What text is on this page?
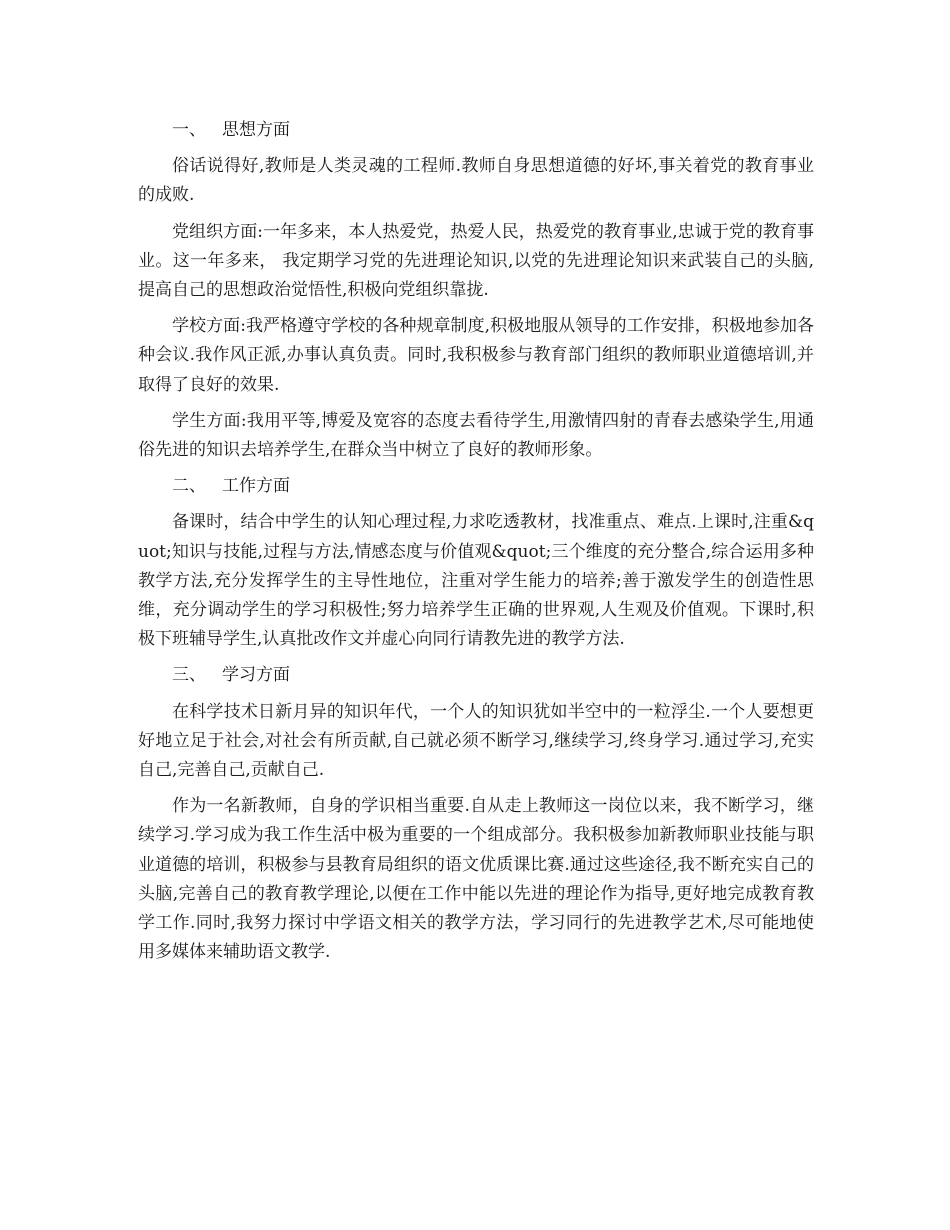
一、 思想方面

俗话说得好,教师是人类灵魂的工程师.教师自身思想道德的好坏,事关着党的教育事业的成败.

党组织方面:一年多来，本人热爱党，热爱人民，热爱党的教育事业,忠诚于党的教育事业。这一年多来， 我定期学习党的先进理论知识,以党的先进理论知识来武装自己的头脑,提高自己的思想政治觉悟性,积极向党组织靠拢.

学校方面:我严格遵守学校的各种规章制度,积极地服从领导的工作安排，积极地参加各种会议.我作风正派,办事认真负责。同时,我积极参与教育部门组织的教师职业道德培训,并取得了良好的效果.

学生方面:我用平等,博爱及宽容的态度去看待学生,用激情四射的青春去感染学生,用通俗先进的知识去培养学生,在群众当中树立了良好的教师形象。

二、 工作方面

备课时，结合中学生的认知心理过程,力求吃透教材，找准重点、难点.上课时,注重&quot;知识与技能,过程与方法,情感态度与价值观&quot;三个维度的充分整合,综合运用多种教学方法,充分发挥学生的主导性地位，注重对学生能力的培养;善于激发学生的创造性思维，充分调动学生的学习积极性;努力培养学生正确的世界观,人生观及价值观。下课时,积极下班辅导学生,认真批改作文并虚心向同行请教先进的教学方法.

三、 学习方面

在科学技术日新月异的知识年代，一个人的知识犹如半空中的一粒浮尘.一个人要想更好地立足于社会,对社会有所贡献,自己就必须不断学习,继续学习,终身学习.通过学习,充实自己,完善自己,贡献自己.

作为一名新教师，自身的学识相当重要.自从走上教师这一岗位以来，我不断学习，继续学习.学习成为我工作生活中极为重要的一个组成部分。我积极参加新教师职业技能与职业道德的培训，积极参与县教育局组织的语文优质课比赛.通过这些途径,我不断充实自己的头脑,完善自己的教育教学理论,以便在工作中能以先进的理论作为指导,更好地完成教育教学工作.同时,我努力探讨中学语文相关的教学方法，学习同行的先进教学艺术,尽可能地使用多媒体来辅助语文教学.
